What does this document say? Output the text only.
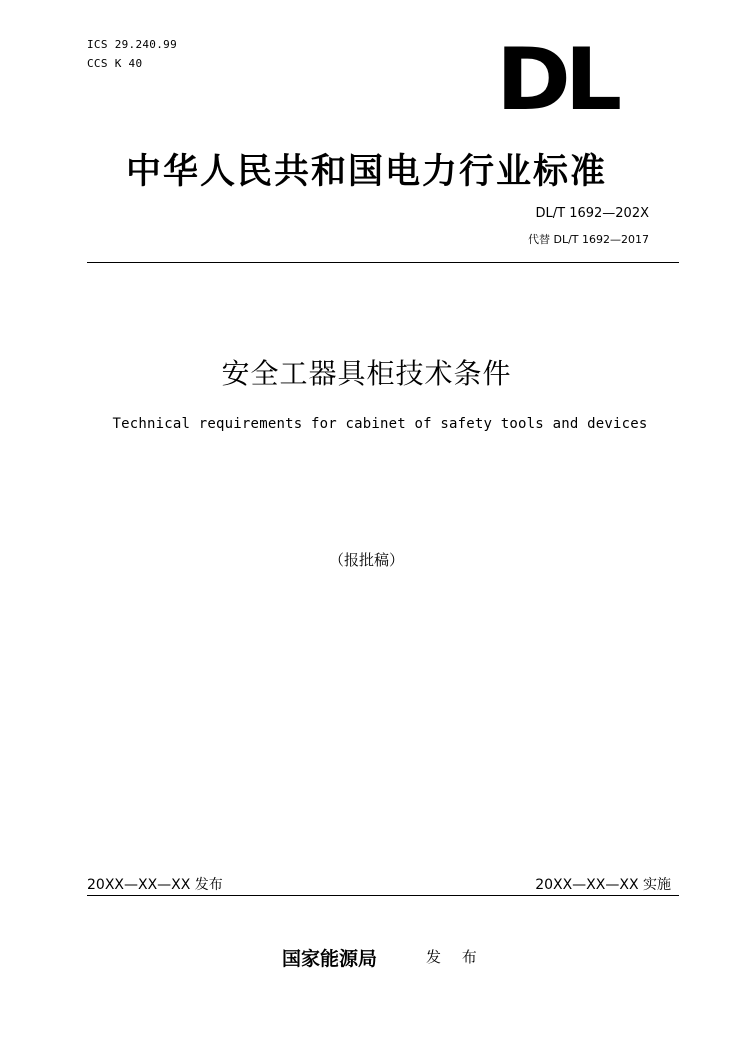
ICS 29.240.99
CCS K 40	DL
中华人民共和国电力行业标准
DL/T 1692—202X
代替 DL/T 1692—2017
安全工器具柜技术条件
Technical requirements for cabinet of safety tools and devices
（报批稿）
20XX—XX—XX 发布	20XX—XX—XX 实施
国家能源局	发 布
